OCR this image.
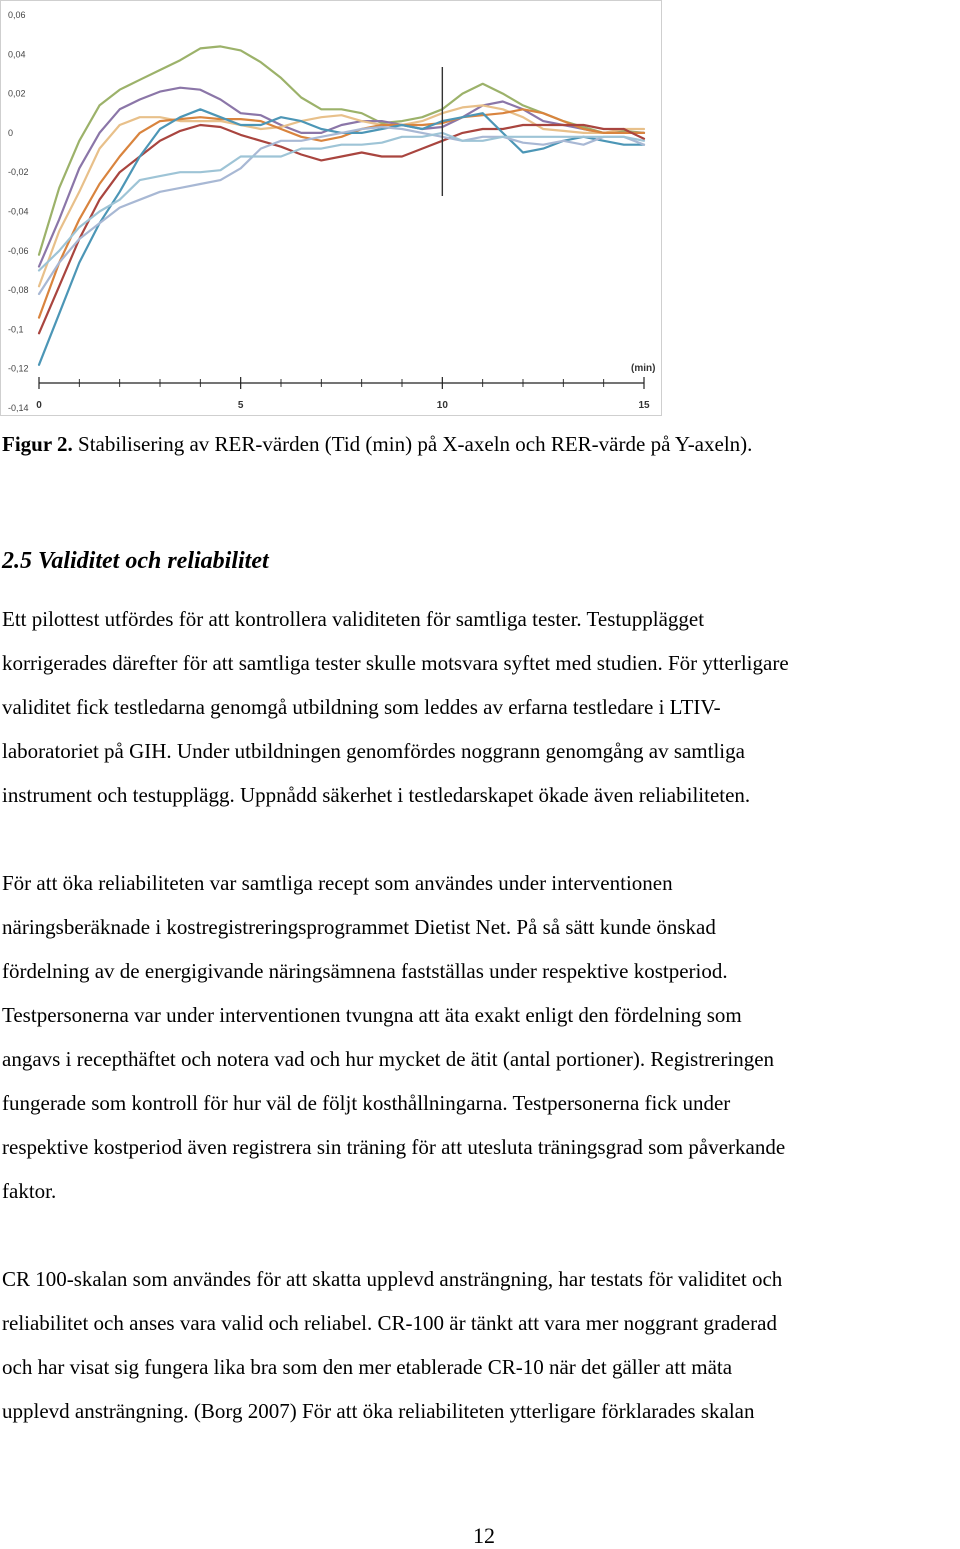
0,06
0,04
0,02
0
-0,02
-0,04
-0,06
-0,08
-0,1
-0,12
-0,14 0	5	10	15
(min)
Figur 2. Stabilisering av RER-värden (Tid (min) på X-axeln och RER-värde på Y-axeln).
2.5 Validitet och reliabilitet
Ett pilottest utfördes för att kontrollera validiteten för samtliga tester. Testupplägget
korrigerades därefter för att samtliga tester skulle motsvara syftet med studien. För ytterligare
validitet fick testledarna genomgå utbildning som leddes av erfarna testledare i LTIV-
laboratoriet på GIH. Under utbildningen genomfördes noggrann genomgång av samtliga
instrument och testupplägg. Uppnådd säkerhet i testledarskapet ökade även reliabiliteten.
För att öka reliabiliteten var samtliga recept som användes under interventionen
näringsberäknade i kostregistreringsprogrammet Dietist Net. På så sätt kunde önskad
fördelning av de energigivande näringsämnena fastställas under respektive kostperiod.
Testpersonerna var under interventionen tvungna att äta exakt enligt den fördelning som
angavs i recepthäftet och notera vad och hur mycket de ätit (antal portioner). Registreringen
fungerade som kontroll för hur väl de följt kosthållningarna. Testpersonerna fick under
respektive kostperiod även registrera sin träning för att utesluta träningsgrad som påverkande
faktor.
CR 100-skalan som användes för att skatta upplevd ansträngning, har testats för validitet och
reliabilitet och anses vara valid och reliabel. CR-100 är tänkt att vara mer noggrant graderad
och har visat sig fungera lika bra som den mer etablerade CR-10 när det gäller att mäta
upplevd ansträngning. (Borg 2007) För att öka reliabiliteten ytterligare förklarades skalan
12
